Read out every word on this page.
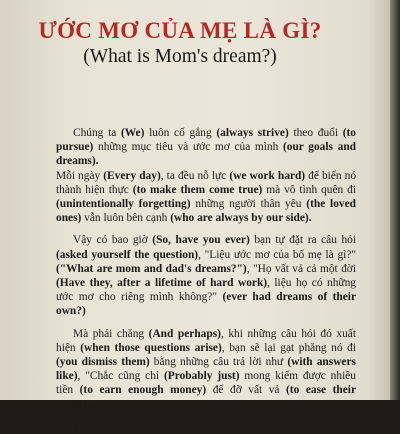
ƯỚC MƠ CỦA MẸ LÀ GÌ?
(What is Mom's dream?)

Chúng ta (We) luôn cố gắng (always strive) theo đuổi (to pursue) những mục tiêu và ước mơ của mình (our goals and dreams).

Mỗi ngày (Every day), ta đều nỗ lực (we work hard) để biến nó thành hiện thực (to make them come true) mà vô tình quên đi (unintentionally forgetting) những người thân yêu (the loved ones) vẫn luôn bên cạnh (who are always by our side).

Vậy có bao giờ (So, have you ever) bạn tự đặt ra câu hỏi (asked yourself the question), "Liệu ước mơ của bố mẹ là gì?" ("What are mom and dad's dreams?"), "Họ vất vả cả một đời (Have they, after a lifetime of hard work), liệu họ có những ước mơ cho riêng mình không?" (ever had dreams of their own?)

Mà phải chăng (And perhaps), khi những câu hỏi đó xuất hiện (when those questions arise), bạn sẽ lại gạt phăng nó đi (you dismiss them) bằng những câu trả lời như (with answers like), "Chắc cũng chỉ (Probably just) mong kiếm được nhiều tiền (to earn enough money) để đỡ vất vả (to ease their hardships) ..."

Thật ra
